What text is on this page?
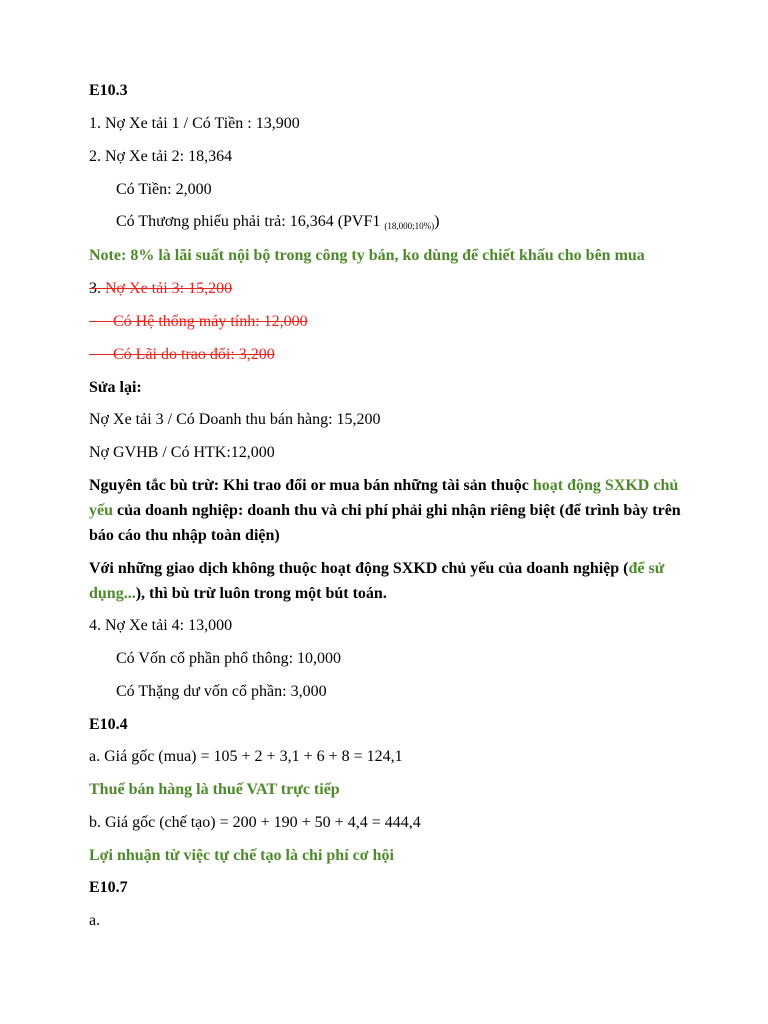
E10.3
1. Nợ Xe tải 1 / Có Tiền : 13,900
2. Nợ Xe tải 2: 18,364
Có Tiền: 2,000
Có Thương phiếu phải trả: 16,364 (PVF1 $_{(18,000;10\%)}$)
Note: 8% là lãi suất nội bộ trong công ty bán, ko dùng để chiết khấu cho bên mua
3. Nợ Xe tải 3: 15,200
Có Hệ thống máy tính: 12,000
Có Lãi do trao đổi: 3,200
Sửa lại:
Nợ Xe tải 3 / Có Doanh thu bán hàng: 15,200
Nợ GVHB / Có HTK:12,000
Nguyên tắc bù trừ: Khi trao đổi or mua bán những tài sản thuộc hoạt động SXKD chủ yếu của doanh nghiệp: doanh thu và chi phí phải ghi nhận riêng biệt (để trình bày trên báo cáo thu nhập toàn diện)
Với những giao dịch không thuộc hoạt động SXKD chủ yếu của doanh nghiệp (để sử dụng...), thì bù trừ luôn trong một bút toán.
4. Nợ Xe tải 4: 13,000
Có Vốn cổ phần phổ thông: 10,000
Có Thặng dư vốn cổ phần: 3,000
E10.4
a. Giá gốc (mua) = 105 + 2 + 3,1 + 6 + 8 = 124,1
Thuế bán hàng là thuế VAT trực tiếp
b. Giá gốc (chế tạo) = 200 + 190 + 50 + 4,4 = 444,4
Lợi nhuận từ việc tự chế tạo là chi phí cơ hội
E10.7
a.
